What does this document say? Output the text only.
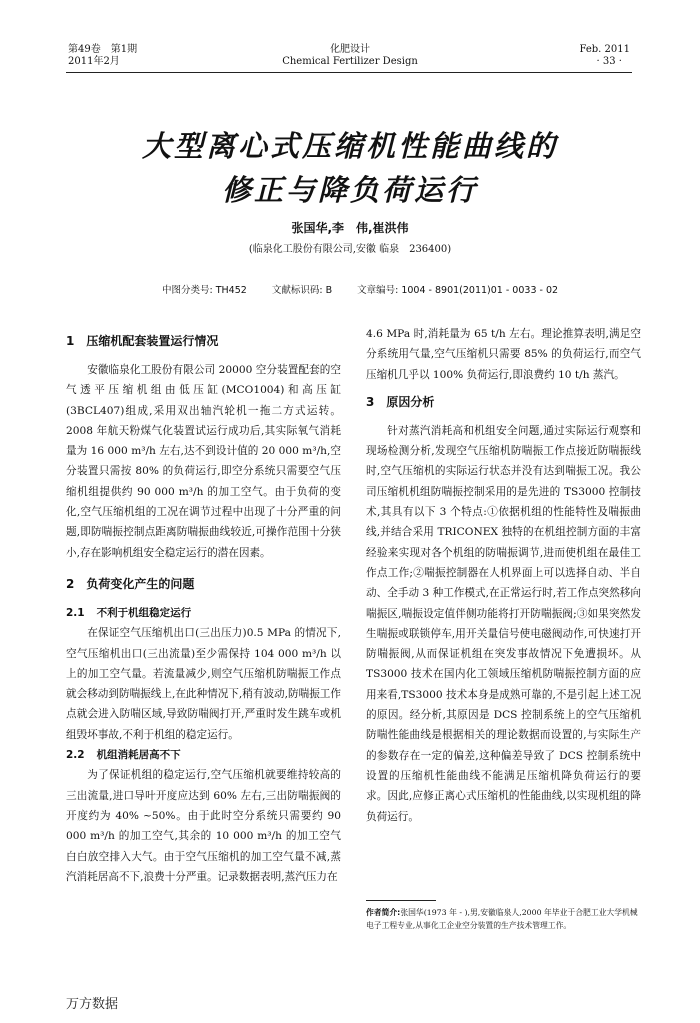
第49卷　第1期
2011年2月
化肥设计
Chemical Fertilizer Design
Feb. 2011
· 33 ·
大型离心式压缩机性能曲线的
修正与降负荷运行
张国华,李　伟,崔洪伟
(临泉化工股份有限公司,安徽 临泉　236400)
中图分类号: TH452	文献标识码: B	文章编号: 1004 - 8901(2011)01 - 0033 - 02
1 压缩机配套装置运行情况

安徽临泉化工股份有限公司 20000 空分装置配套的空气透平压缩机组由低压缸(MCO1004)和高压缸(3BCL407)组成,采用双出轴汽轮机一拖二方式运转。2008 年航天粉煤气化装置试运行成功后,其实际氧气消耗量为 16 000 m³/h 左右,达不到设计值的 20 000 m³/h,空分装置只需按 80% 的负荷运行,即空分系统只需要空气压缩机组提供约 90 000 m³/h 的加工空气。由于负荷的变化,空气压缩机组的工况在调节过程中出现了十分严重的问题,即防喘振控制点距离防喘振曲线较近,可操作范围十分狭小,存在影响机组安全稳定运行的潜在因素。

2 负荷变化产生的问题
2.1 不利于机组稳定运行

在保证空气压缩机出口(三出压力)0.5 MPa 的情况下,空气压缩机出口(三出流量)至少需保持 104 000 m³/h 以上的加工空气量。若流量减少,则空气压缩机防喘振工作点就会移动到防喘振线上,在此种情况下,稍有波动,防喘振工作点就会进入防喘区域,导致防喘阀打开,严重时发生跳车或机组毁坏事故,不利于机组的稳定运行。

2.2 机组消耗居高不下

为了保证机组的稳定运行,空气压缩机就要维持较高的三出流量,进口导叶开度应达到 60% 左右,三出防喘振阀的开度约为 40% ~50%。由于此时空分系统只需要约 90 000 m³/h 的加工空气,其余的 10 000 m³/h 的加工空气白白放空排入大气。由于空气压缩机的加工空气量不减,蒸汽消耗居高不下,浪费十分严重。记录数据表明,蒸汽压力在

4.6 MPa 时,消耗量为 65 t/h 左右。理论推算表明,满足空分系统用气量,空气压缩机只需要 85% 的负荷运行,而空气压缩机几乎以 100% 负荷运行,即浪费约 10 t/h 蒸汽。

3 原因分析

针对蒸汽消耗高和机组安全问题,通过实际运行观察和现场检测分析,发现空气压缩机防喘振工作点接近防喘振线时,空气压缩机的实际运行状态并没有达到喘振工况。我公司压缩机机组防喘振控制采用的是先进的 TS3000 控制技术,其具有以下 3 个特点:①依据机组的性能特性及喘振曲线,并结合采用 TRICONEX 独特的在机组控制方面的丰富经验来实现对各个机组的防喘振调节,进而使机组在最佳工作点工作;②喘振控制器在人机界面上可以选择自动、半自动、全手动 3 种工作模式,在正常运行时,若工作点突然移向喘振区,喘振设定值伴侧功能将打开防喘振阀;③如果突然发生喘振或联锁停车,用开关量信号使电磁阀动作,可快速打开防喘振阀,从而保证机组在突发事故情况下免遭损坏。从 TS3000 技术在国内化工领域压缩机防喘振控制方面的应用来看,TS3000 技术本身是成熟可靠的,不是引起上述工况的原因。经分析,其原因是 DCS 控制系统上的空气压缩机防喘性能曲线是根据相关的理论数据而设置的,与实际生产的参数存在一定的偏差,这种偏差导致了 DCS 控制系统中设置的压缩机性能曲线不能满足压缩机降负荷运行的要求。因此,应修正离心式压缩机的性能曲线,以实现机组的降负荷运行。

作者简介:张国华(1973 年 - ),男,安徽临泉人,2000 年毕业于合肥工业大学机械电子工程专业,从事化工企业空分装置的生产技术管理工作。
万方数据
